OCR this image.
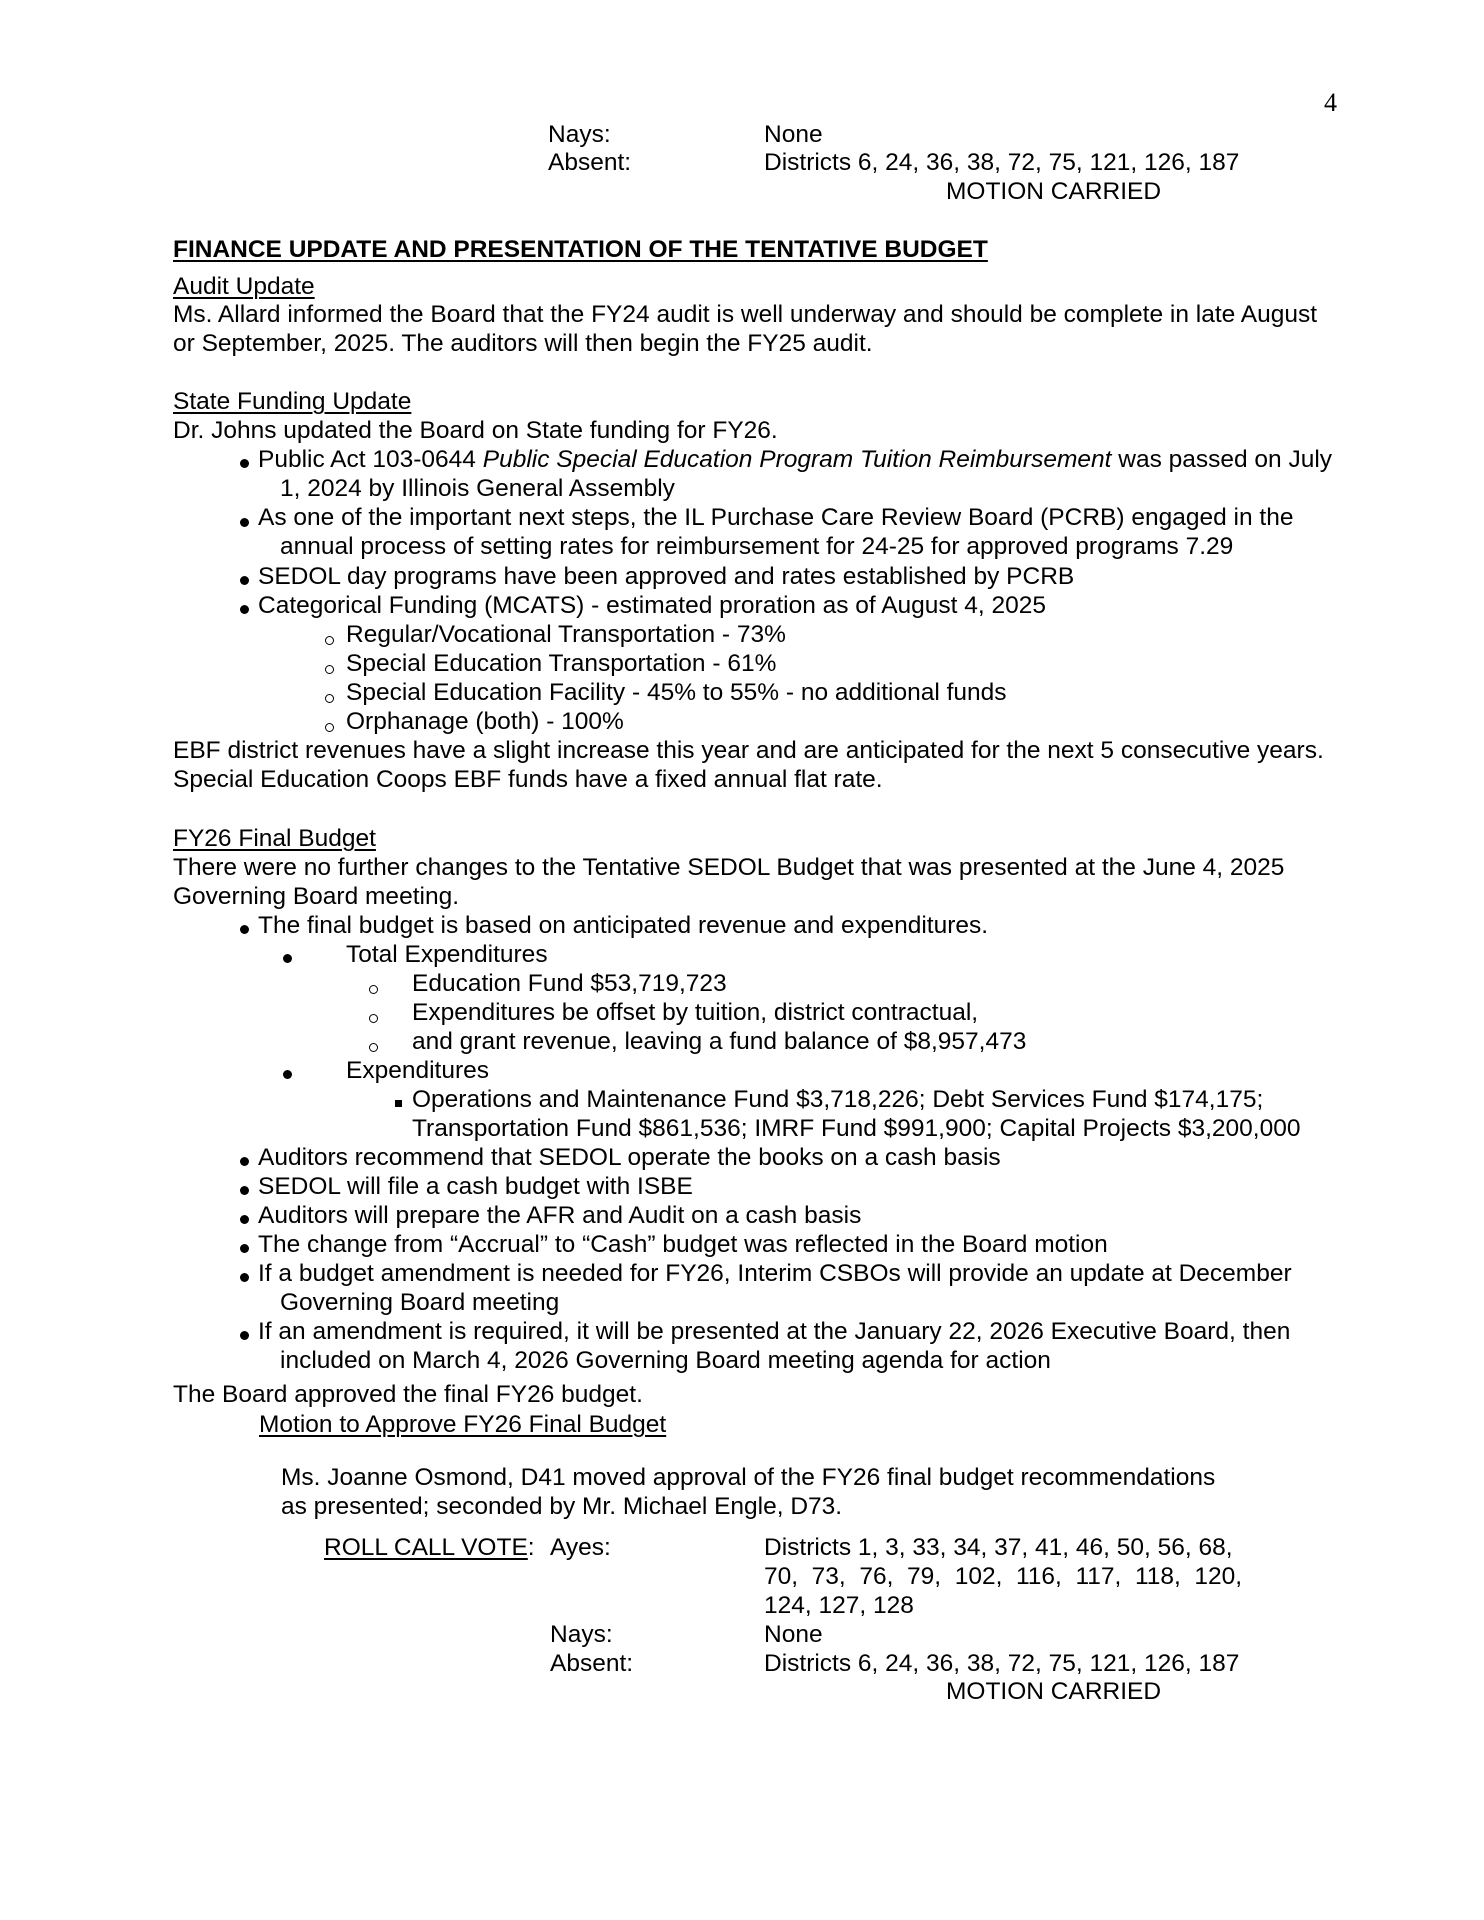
4
Nays:	None
Absent:	Districts 6, 24, 36, 38, 72, 75, 121, 126, 187
MOTION CARRIED
FINANCE UPDATE AND PRESENTATION OF THE TENTATIVE BUDGET
Audit Update
Ms. Allard informed the Board that the FY24 audit is well underway and should be complete in late August
or September, 2025. The auditors will then begin the FY25 audit.
State Funding Update
Dr. Johns updated the Board on State funding for FY26.
Public Act 103-0644 Public Special Education Program Tuition Reimbursement was passed on July
1, 2024 by Illinois General Assembly
As one of the important next steps, the IL Purchase Care Review Board (PCRB) engaged in the
annual process of setting rates for reimbursement for 24-25 for approved programs 7.29
SEDOL day programs have been approved and rates established by PCRB
Categorical Funding (MCATS) - estimated proration as of August 4, 2025
Regular/Vocational Transportation - 73%
Special Education Transportation - 61%
Special Education Facility - 45% to 55% - no additional funds
Orphanage (both) - 100%
EBF district revenues have a slight increase this year and are anticipated for the next 5 consecutive years.
Special Education Coops EBF funds have a fixed annual flat rate.
FY26 Final Budget
There were no further changes to the Tentative SEDOL Budget that was presented at the June 4, 2025
Governing Board meeting.
The final budget is based on anticipated revenue and expenditures.
Total Expenditures
Education Fund $53,719,723
Expenditures be offset by tuition, district contractual,
and grant revenue, leaving a fund balance of $8,957,473
Expenditures
Operations and Maintenance Fund $3,718,226; Debt Services Fund $174,175;
Transportation Fund $861,536; IMRF Fund $991,900; Capital Projects $3,200,000
Auditors recommend that SEDOL operate the books on a cash basis
SEDOL will file a cash budget with ISBE
Auditors will prepare the AFR and Audit on a cash basis
The change from “Accrual” to “Cash” budget was reflected in the Board motion
If a budget amendment is needed for FY26, Interim CSBOs will provide an update at December
Governing Board meeting
If an amendment is required, it will be presented at the January 22, 2026 Executive Board, then
included on March 4, 2026 Governing Board meeting agenda for action
The Board approved the final FY26 budget.
Motion to Approve FY26 Final Budget
Ms. Joanne Osmond, D41 moved approval of the FY26 final budget recommendations
as presented; seconded by Mr. Michael Engle, D73.
ROLL CALL VOTE: Ayes:	Districts 1, 3, 33, 34, 37, 41, 46, 50, 56, 68,
70,  73,  76,  79,  102,  116,  117,  118,  120,
124, 127, 128
Nays:	None
Absent:	Districts 6, 24, 36, 38, 72, 75, 121, 126, 187
MOTION CARRIED
